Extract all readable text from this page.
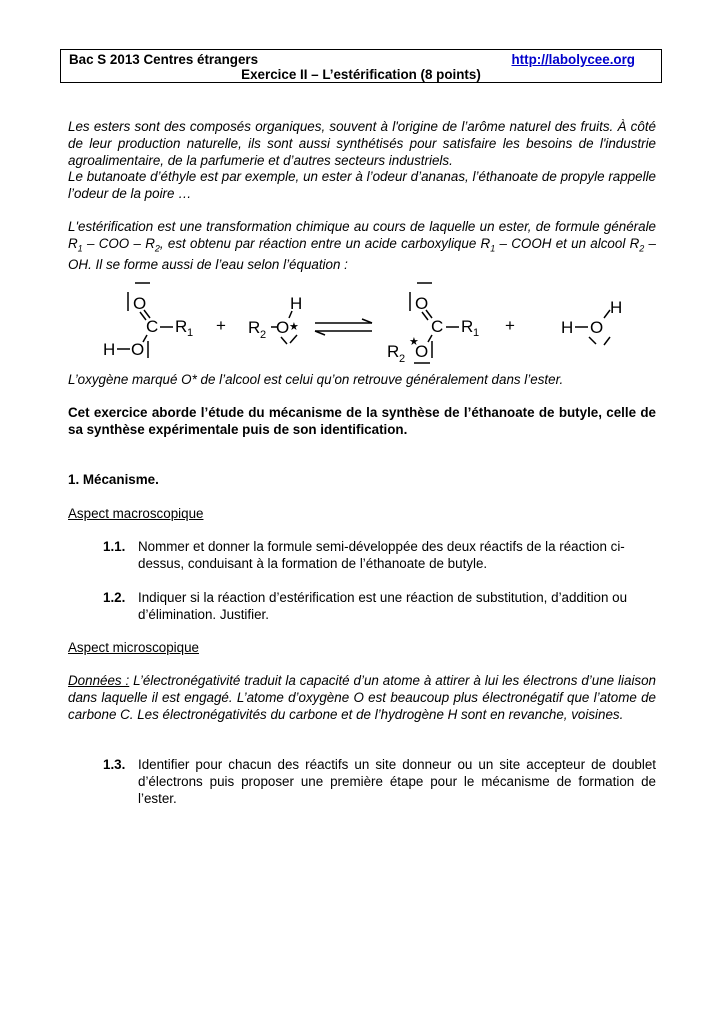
Bac S 2013 Centres étrangers	http://labolycee.org
Exercice II – L’estérification (8 points)
Les esters sont des composés organiques, souvent à l'origine de l’arôme naturel des fruits. À côté de leur production naturelle, ils sont aussi synthétisés pour satisfaire les besoins de l'industrie agroalimentaire, de la parfumerie et d’autres secteurs industriels.
Le butanoate d’éthyle est par exemple, un ester à l’odeur d’ananas, l’éthanoate de propyle rappelle l’odeur de la poire …
L'estérification est une transformation chimique au cours de laquelle un ester, de formule générale $R_1$ – COO – $R_2$, est obtenu par réaction entre un acide carboxylique $R_1$ – COOH et un alcool $R_2$ – OH. Il se forme aussi de l’eau selon l’équation :
O
C R 1
H O
+ R 2 O ★
H	O
C R 1
★
R 2 O
+	H O
H
L’oxygène marqué O* de l’alcool est celui qu’on retrouve généralement dans l’ester.
Cet exercice aborde l’étude du mécanisme de la synthèse de l’éthanoate de butyle, celle de sa synthèse expérimentale puis de son identification.
1. Mécanisme.
Aspect macroscopique
1.1. Nommer et donner la formule semi-développée des deux réactifs de la réaction ci-dessus, conduisant à la formation de l’éthanoate de butyle.
1.2. Indiquer si la réaction d’estérification est une réaction de substitution, d’addition ou d’élimination. Justifier.
Aspect microscopique
Données : L’électronégativité traduit la capacité d’un atome à attirer à lui les électrons d’une liaison dans laquelle il est engagé. L’atome d’oxygène O est beaucoup plus électronégatif que l’atome de carbone C. Les électronégativités du carbone et de l’hydrogène H sont en revanche, voisines.
1.3. Identifier pour chacun des réactifs un site donneur ou un site accepteur de doublet d’électrons puis proposer une première étape pour le mécanisme de formation de l’ester.
